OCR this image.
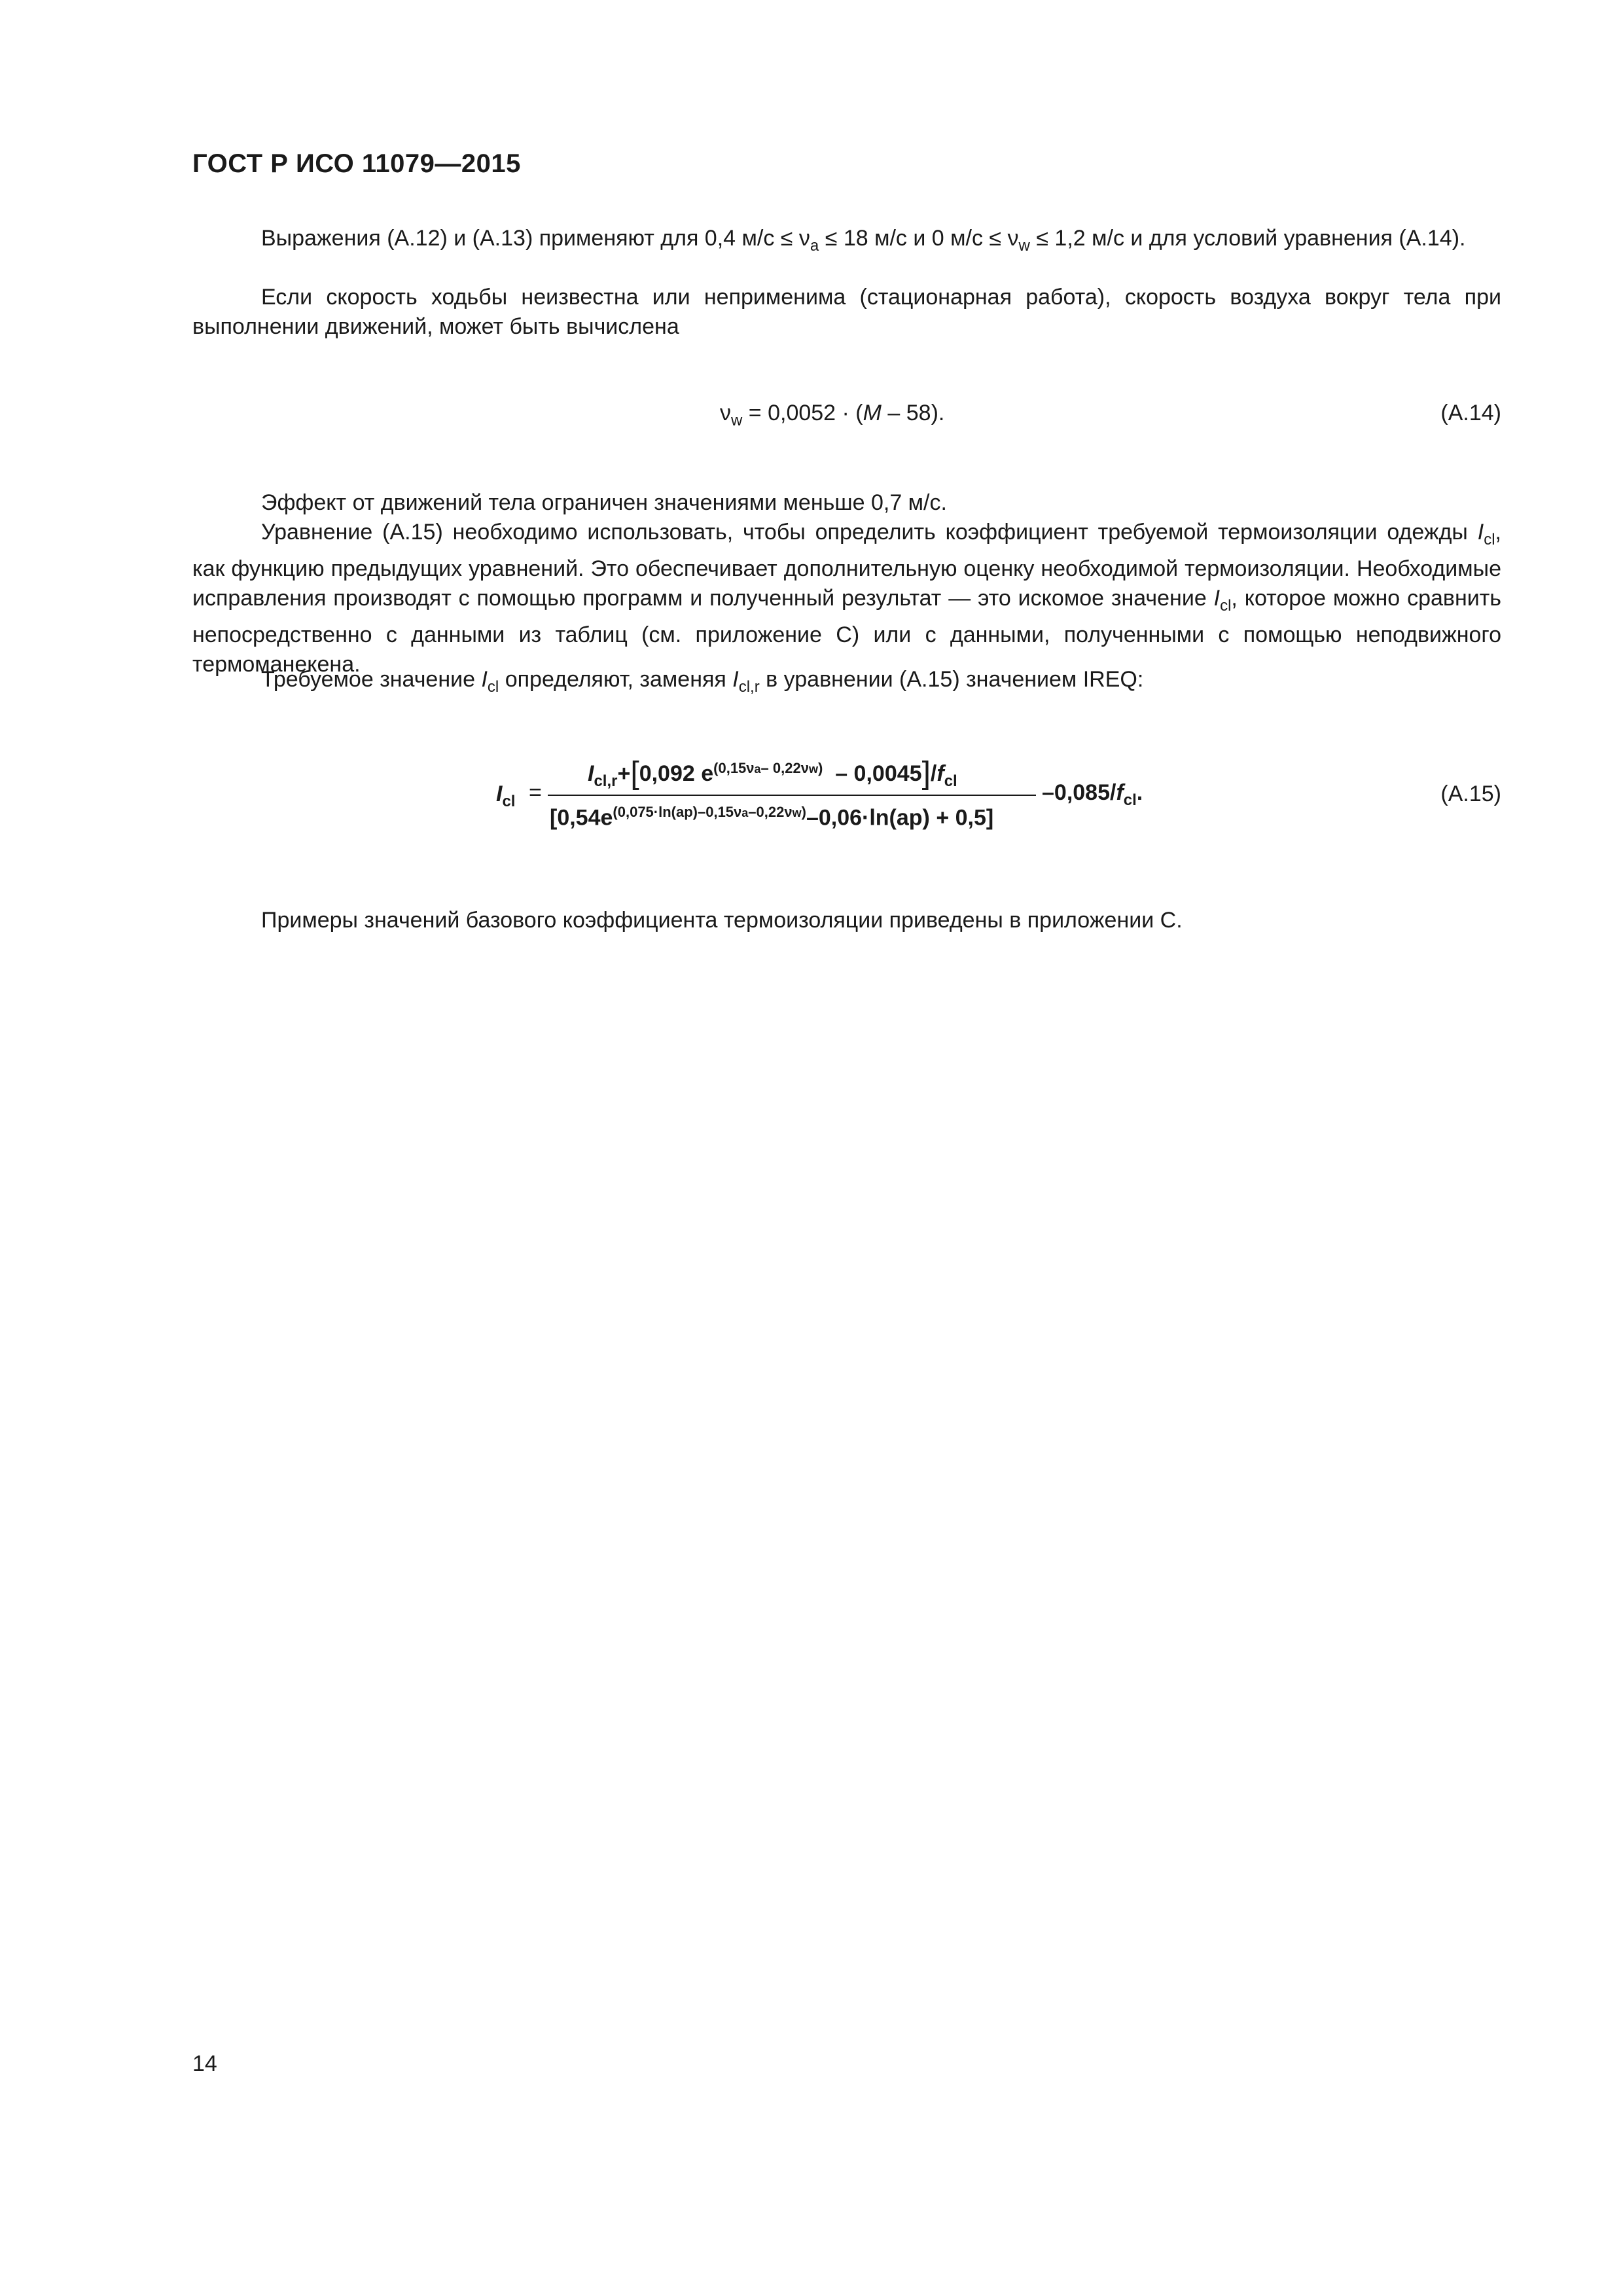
ГОСТ Р ИСО 11079—2015
Выражения (А.12) и (А.13) применяют для 0,4 $м/с \le \nu_a \le 18$ м/с и 0 $м/с \le \nu_w \le 1,2$ м/с и для условий уравнения (А.14).
Если скорость ходьбы неизвестна или неприменима (стационарная работа), скорость воздуха вокруг тела при выполнении движений, может быть вычислена
$\nu_w = 0,0052 \cdot (M - 58)$.	(A.14)
Эффект от движений тела ограничен значениями меньше 0,7 м/с.
Уравнение (А.15) необходимо использовать, чтобы определить коэффициент требуемой термоизоляции одежды $I_{cl}$, как функцию предыдущих уравнений. Это обеспечивает дополнительную оценку необходимой термоизоляции. Необходимые исправления производят с помощью программ и полученный результат — это искомое значение $I_{cl}$, которое можно сравнить непосредственно с данными из таблиц (см. приложение С) или с данными, полученными с помощью неподвижного термоманекена.
Требуемое значение $I_{cl}$ определяют, заменяя $I_{cl,r}$ в уравнении (А.15) значением IREQ:
$I_{cl}$ =
$I_{cl,r}+[0,092$ $e^{(0,15\nu a- 0,22\nu w)} - 0,0045]/f_{cl}$
$[0,54e^{(0,075\cdot ln(ap)-0,15\nu a-0,22\nu w)}-0,06\cdot\ln(ap) + 0,5]$
$-0,085/f_{cl}$.	(A.15)
Примеры значений базового коэффициента термоизоляции приведены в приложении С.
14
